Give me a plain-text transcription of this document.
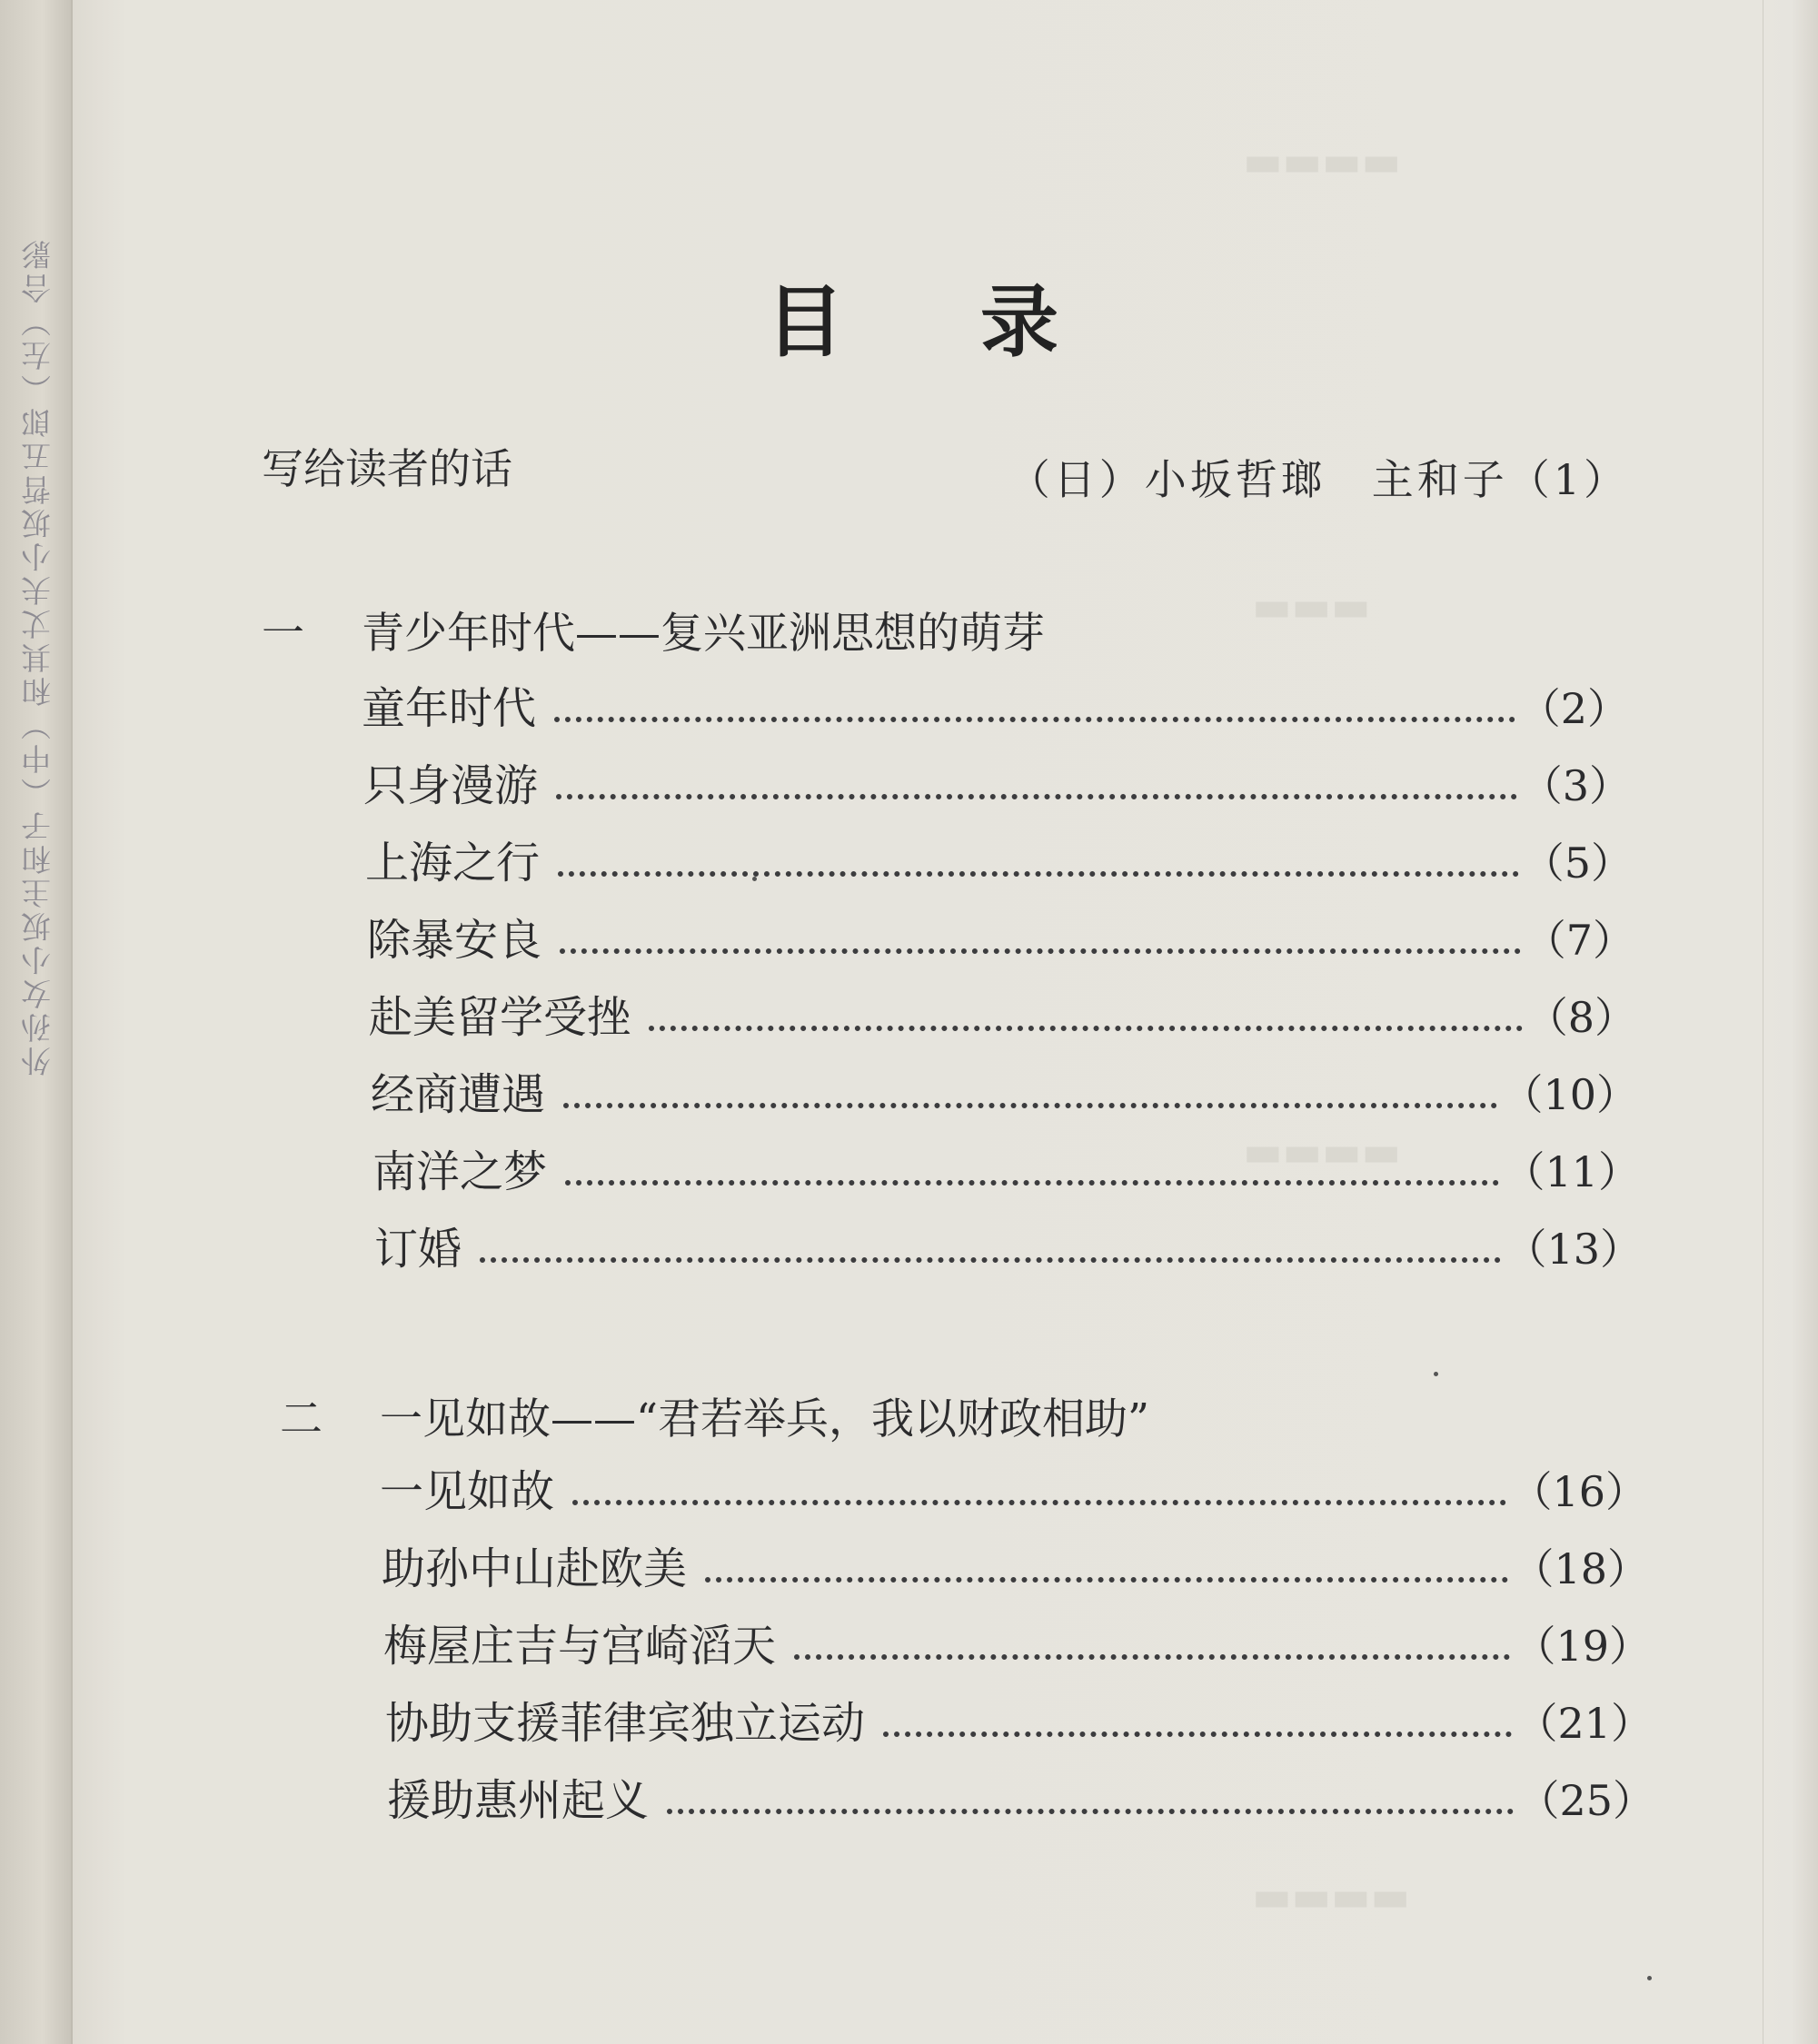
外孙女小坂主和子（中）和其丈夫小坂哲五郎（左）合影
▬▬▬▬
▬▬▬
▬▬▬▬
▬▬▬▬
目录
写给读者的话	（日）小坂哲瑯　主和子（1）
一 青少年时代——复兴亚洲思想的萌芽
童年时代	（2）
只身漫游	（3）
上海之行	（5）
除暴安良	（7）
赴美留学受挫	（8）
经商遭遇	（10）
南洋之梦	（11）
订婚	（13）
二 一见如故——“君若举兵，我以财政相助”
一见如故	（16）
助孙中山赴欧美	（18）
梅屋庄吉与宫崎滔天	（19）
协助支援菲律宾独立运动	（21）
援助惠州起义	（25）
